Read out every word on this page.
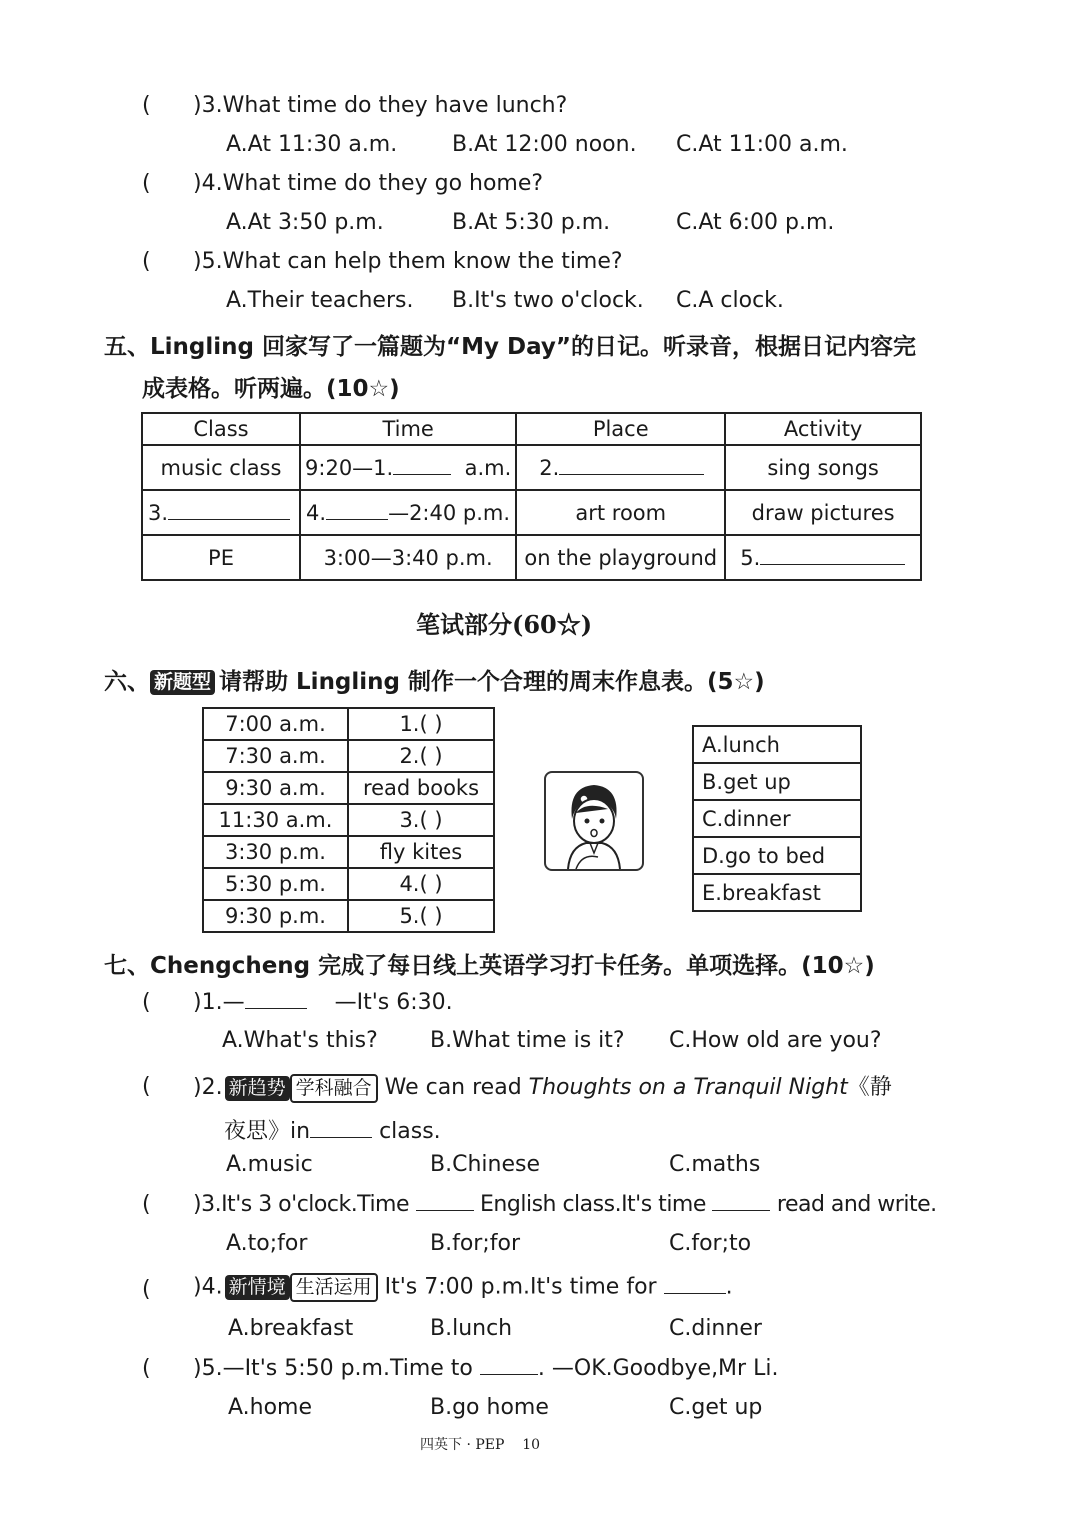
( )3.What time do they have lunch?
A.At 11:30 a.m. B.At 12:00 noon. C.At 11:00 a.m.
( )4.What time do they go home?
A.At 3:50 p.m.	B.At 5:30 p.m.	C.At 6:00 p.m.
( )5.What can help them know the time?
A.Their teachers. B.It's two o'clock. C.A clock.
五、Lingling 回家写了一篇题为“My Day”的日记。听录音，根据日记内容完
成表格。听两遍。(10☆)
Class	Time	Place	Activity
music class	9:20—1. a.m.	2.	sing songs
3.	4. —2:40 p.m.	art room	draw pictures
PE	3:00—3:40 p.m.	on the playground	5.
笔试部分(60☆)
六、 新题型 请帮助 Lingling 制作一个合理的周末作息表。(5☆)
7:00 a.m.	1.( )
7:30 a.m.	2.( )
9:30 a.m.	read books
11:30 a.m.	3.( )
3:30 p.m.	fly kites
5:30 p.m.	4.( )
9:30 p.m.	5.( )
A.lunch
B.get up
C.dinner
D.go to bed
E.breakfast
七、Chengcheng 完成了每日线上英语学习打卡任务。单项选择。(10☆)
( )1.—	—It's 6:30.
A.What's this? B.What time is it? C.How old are you?
( )2. 新趋势 学科融合 We can read Thoughts on a Tranquil Night《静
夜思》in	class.
A.music	B.Chinese	C.maths
( )3.It's 3 o'clock.Time	English class.It's time	read and write.
A.to;for	B.for;for	C.for;to
( )4. 新情境 生活运用 It's 7:00 p.m.It's time for	.
A.breakfast	B.lunch	C.dinner
( )5.—It's 5:50 p.m.Time to	. —OK.Goodbye,Mr Li.
A.home	B.go home	C.get up
四英下 · PEP 10
